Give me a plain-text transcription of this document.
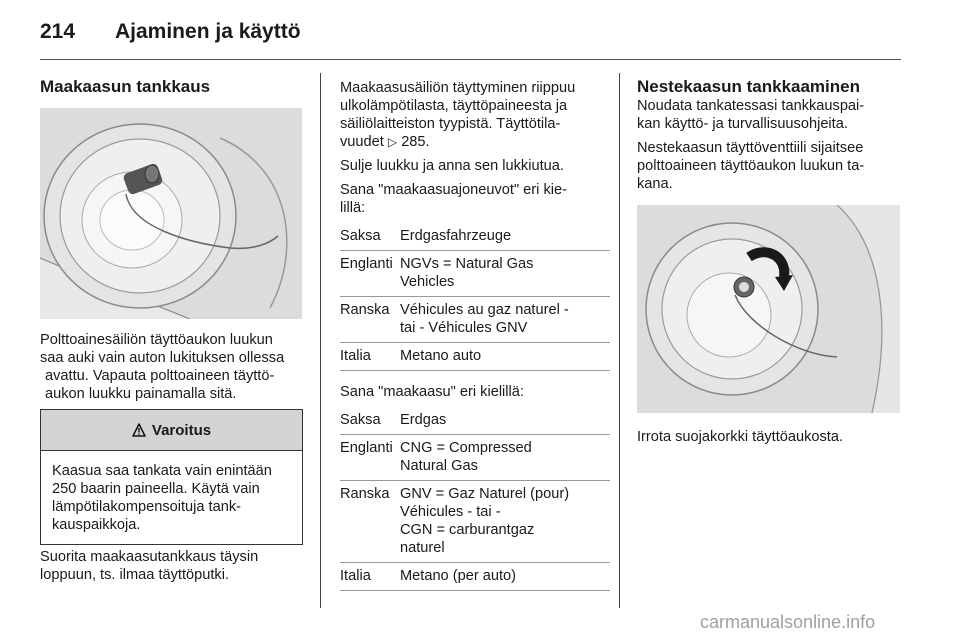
214 Ajaminen ja käyttö
Maakaasun tankkaus
Polttoainesäiliön täyttöaukon luukun
saa auki vain auton lukituksen ollessa
avattu. Vapauta polttoaineen täyttö-
aukon luukku painamalla sitä.
Varoitus
Kaasua saa tankata vain enintään
250 baarin paineella. Käytä vain
lämpötilakompensoituja tank-
kauspaikkoja.
Suorita maakaasutankkaus täysin
loppuun, ts. ilmaa täyttöputki.

Maakaasusäiliön täyttyminen riippuu
ulkolämpötilasta, täyttöpaineesta ja
säiliölaitteiston tyypistä. Täyttötila-
vuudet ▷ 285.

Sulje luukku ja anna sen lukkiutua.

Sana "maakaasuajoneuvot" eri kie-
lillä:

Saksa	Erdgasfahrzeuge
Englanti NGVs = Natural Gas
Vehicles
Ranska Véhicules au gaz naturel -
tai - Véhicules GNV
Italia	Metano auto

Sana "maakaasu" eri kielillä:

Saksa	Erdgas
Englanti CNG = Compressed
Natural Gas
Ranska GNV = Gaz Naturel (pour)
Véhicules - tai -
CGN = carburantgaz
naturel
Italia	Metano (per auto)
Nestekaasun tankkaaminen

Noudata tankatessasi tankkauspai-
kan käyttö- ja turvallisuusohjeita.

Nestekaasun täyttöventtiili sijaitsee
polttoaineen täyttöaukon luukun ta-
kana.

Irrota suojakorkki täyttöaukosta.
carmanualsonline.info
